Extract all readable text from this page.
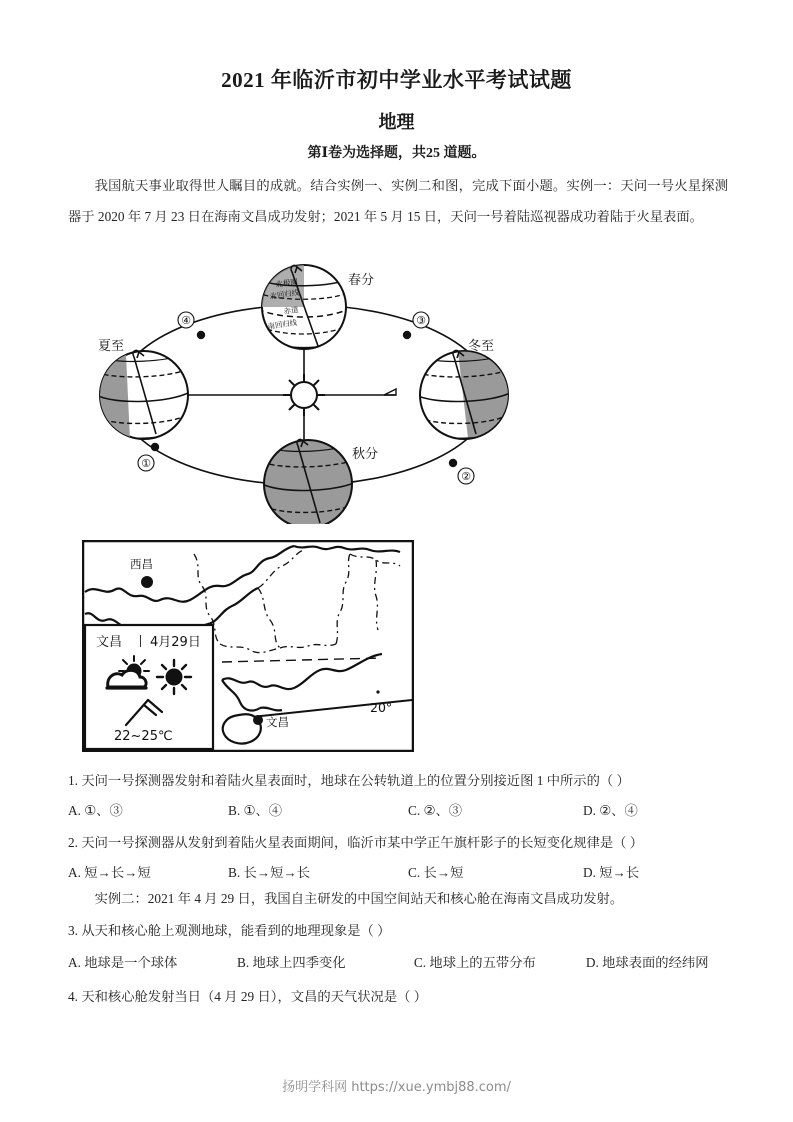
2021 年临沂市初中学业水平考试试题
地理
第Ⅰ卷为选择题，共25 道题。
我国航天事业取得世人瞩目的成就。结合实例一、实例二和图，完成下面小题。实例一：天问一号火星探测器于 2020 年 7 月 23 日在海南文昌成功发射；2021 年 5 月 15 日，天问一号着陆巡视器成功着陆于火星表面。
北极圈
北回归线
赤道
南回归线
春分
夏至	冬至
秋分
④	③
①
②
文昌
20°
西昌
文昌 丨 4月29日
22~25℃
1. 天问一号探测器发射和着陆火星表面时，地球在公转轨道上的位置分别接近图 1 中所示的（ ）
A. ①、③	B. ①、④	C. ②、③	D. ②、④
2. 天问一号探测器从发射到着陆火星表面期间，临沂市某中学正午旗杆影子的长短变化规律是（ ）
A. 短→长→短	B. 长→短→长	C. 长→短	D. 短→长
实例二：2021 年 4 月 29 日，我国自主研发的中国空间站天和核心舱在海南文昌成功发射。
3. 从天和核心舱上观测地球，能看到的地理现象是（ ）
A. 地球是一个球体	B. 地球上四季变化	C. 地球上的五带分布	D. 地球表面的经纬网
4. 天和核心舱发射当日（4 月 29 日），文昌的天气状况是（ ）
扬明学科网 https://xue.ymbj88.com/
